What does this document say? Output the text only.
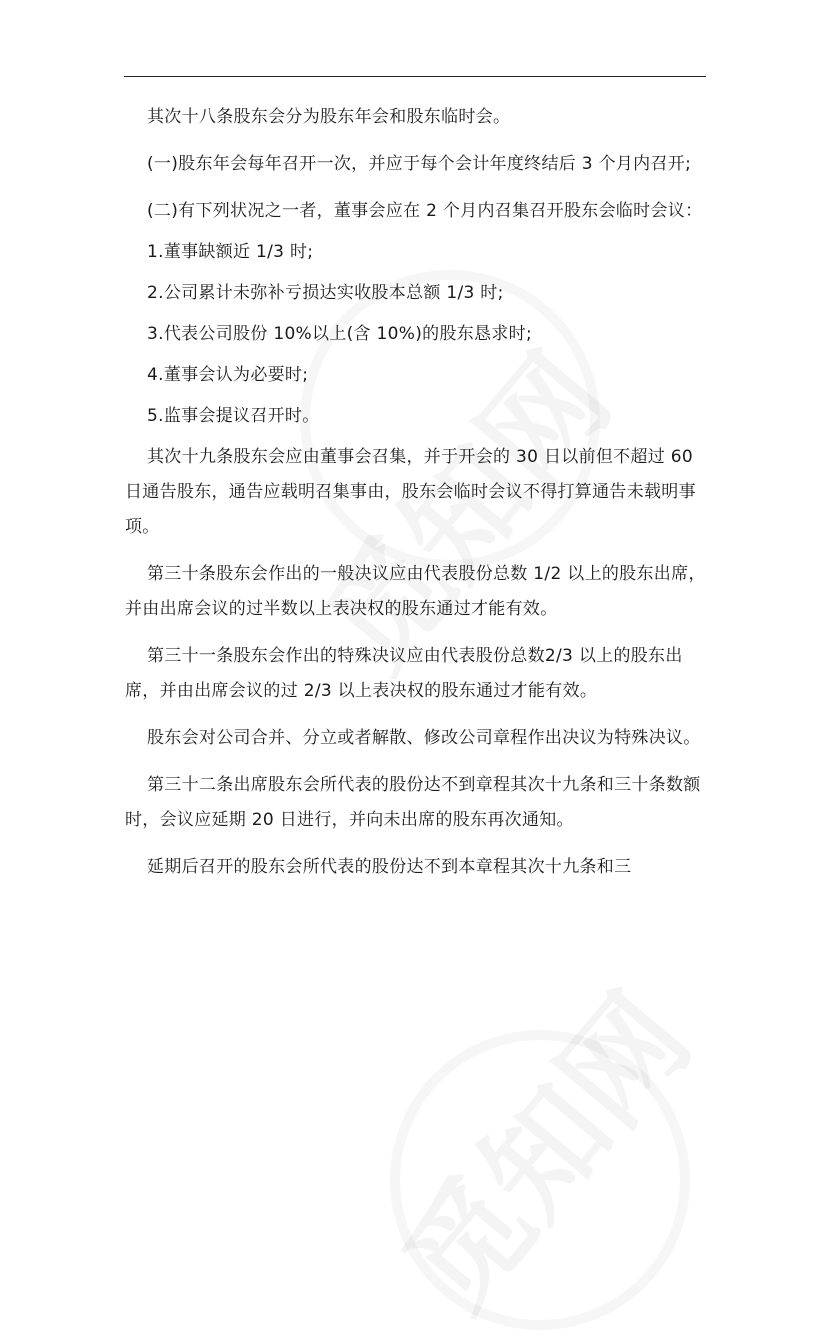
其次十八条股东会分为股东年会和股东临时会。

(一)股东年会每年召开一次，并应于每个会计年度终结后 3 个月内召开;

(二)有下列状况之一者，董事会应在 2 个月内召集召开股东会临时会议：

1.董事缺额近 1/3 时;

2.公司累计未弥补亏损达实收股本总额 1/3 时;

3.代表公司股份 10%以上(含 10%)的股东恳求时;

4.董事会认为必要时;

5.监事会提议召开时。

其次十九条股东会应由董事会召集，并于开会的 30 日以前但不超过 60 日通告股东，通告应载明召集事由，股东会临时会议不得打算通告未载明事项。

第三十条股东会作出的一般决议应由代表股份总数 1/2 以上的股东出席，并由出席会议的过半数以上表决权的股东通过才能有效。

第三十一条股东会作出的特殊决议应由代表股份总数2/3 以上的股东出席，并由出席会议的过 2/3 以上表决权的股东通过才能有效。

股东会对公司合并、分立或者解散、修改公司章程作出决议为特殊决议。

第三十二条出席股东会所代表的股份达不到章程其次十九条和三十条数额时，会议应延期 20 日进行，并向未出席的股东再次通知。

延期后召开的股东会所代表的股份达不到本章程其次十九条和三
